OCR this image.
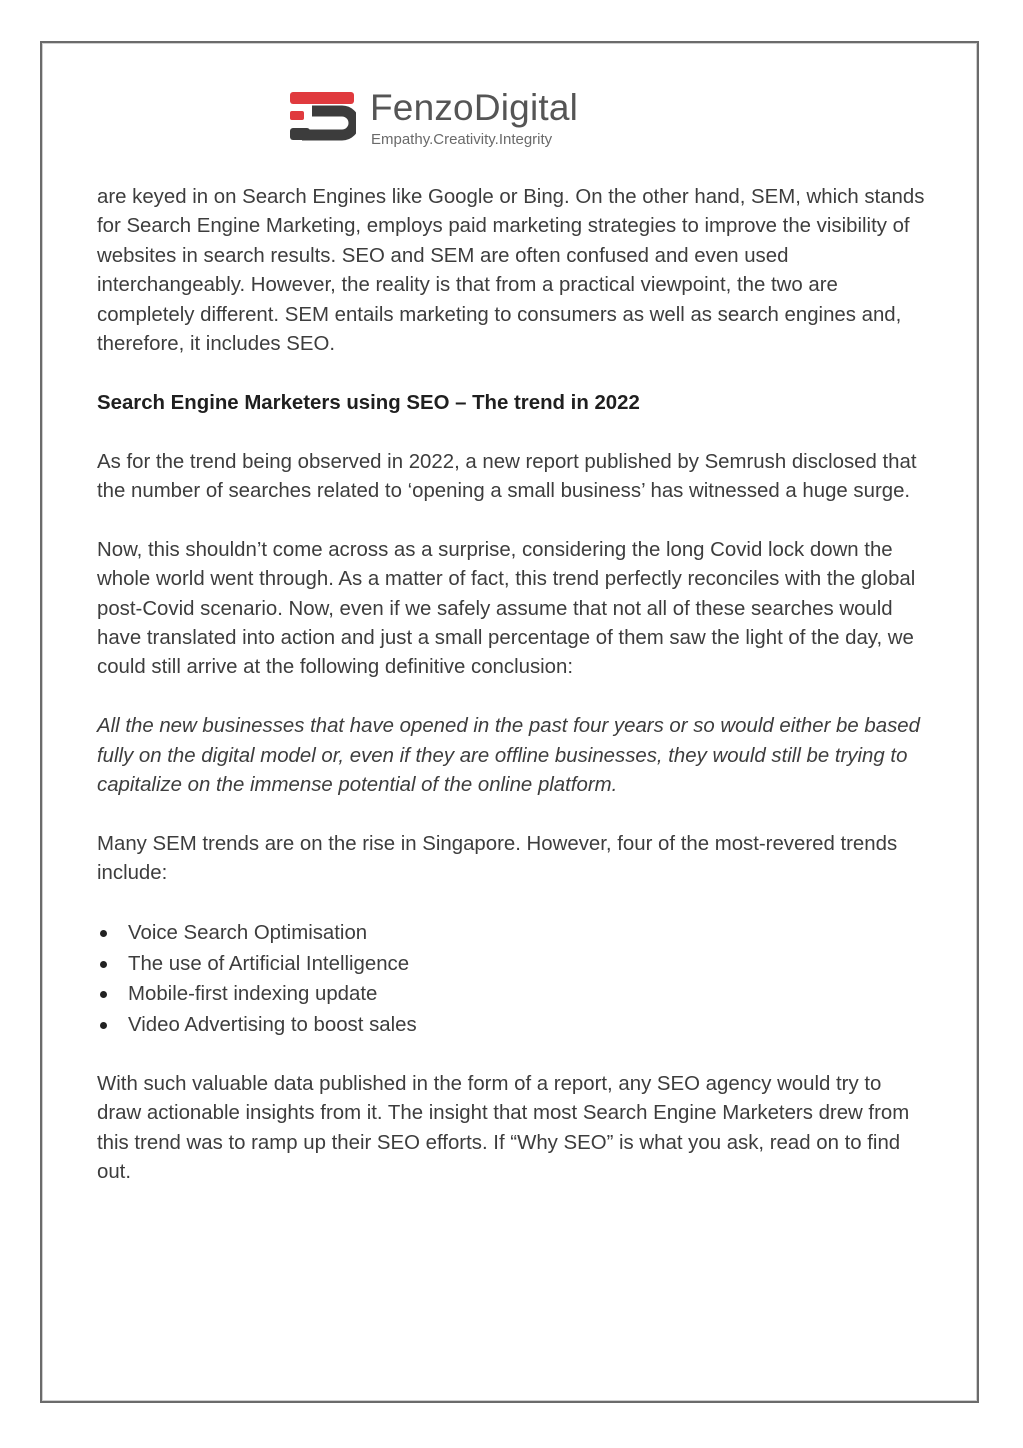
FenzoDigital
Empathy.Creativity.Integrity

are keyed in on Search Engines like Google or Bing. On the other hand, SEM, which stands for Search Engine Marketing, employs paid marketing strategies to improve the visibility of websites in search results. SEO and SEM are often confused and even used interchangeably. However, the reality is that from a practical viewpoint, the two are completely different. SEM entails marketing to consumers as well as search engines and, therefore, it includes SEO.

Search Engine Marketers using SEO – The trend in 2022

As for the trend being observed in 2022, a new report published by Semrush disclosed that the number of searches related to ‘opening a small business’ has witnessed a huge surge.

Now, this shouldn’t come across as a surprise, considering the long Covid lock down the whole world went through. As a matter of fact, this trend perfectly reconciles with the global post-Covid scenario. Now, even if we safely assume that not all of these searches would have translated into action and just a small percentage of them saw the light of the day, we could still arrive at the following definitive conclusion:

All the new businesses that have opened in the past four years or so would either be based fully on the digital model or, even if they are offline businesses, they would still be trying to capitalize on the immense potential of the online platform.

Many SEM trends are on the rise in Singapore. However, four of the most-revered trends include:

Voice Search Optimisation
The use of Artificial Intelligence
Mobile-first indexing update
Video Advertising to boost sales

With such valuable data published in the form of a report, any SEO agency would try to draw actionable insights from it. The insight that most Search Engine Marketers drew from this trend was to ramp up their SEO efforts. If “Why SEO” is what you ask, read on to find out.
